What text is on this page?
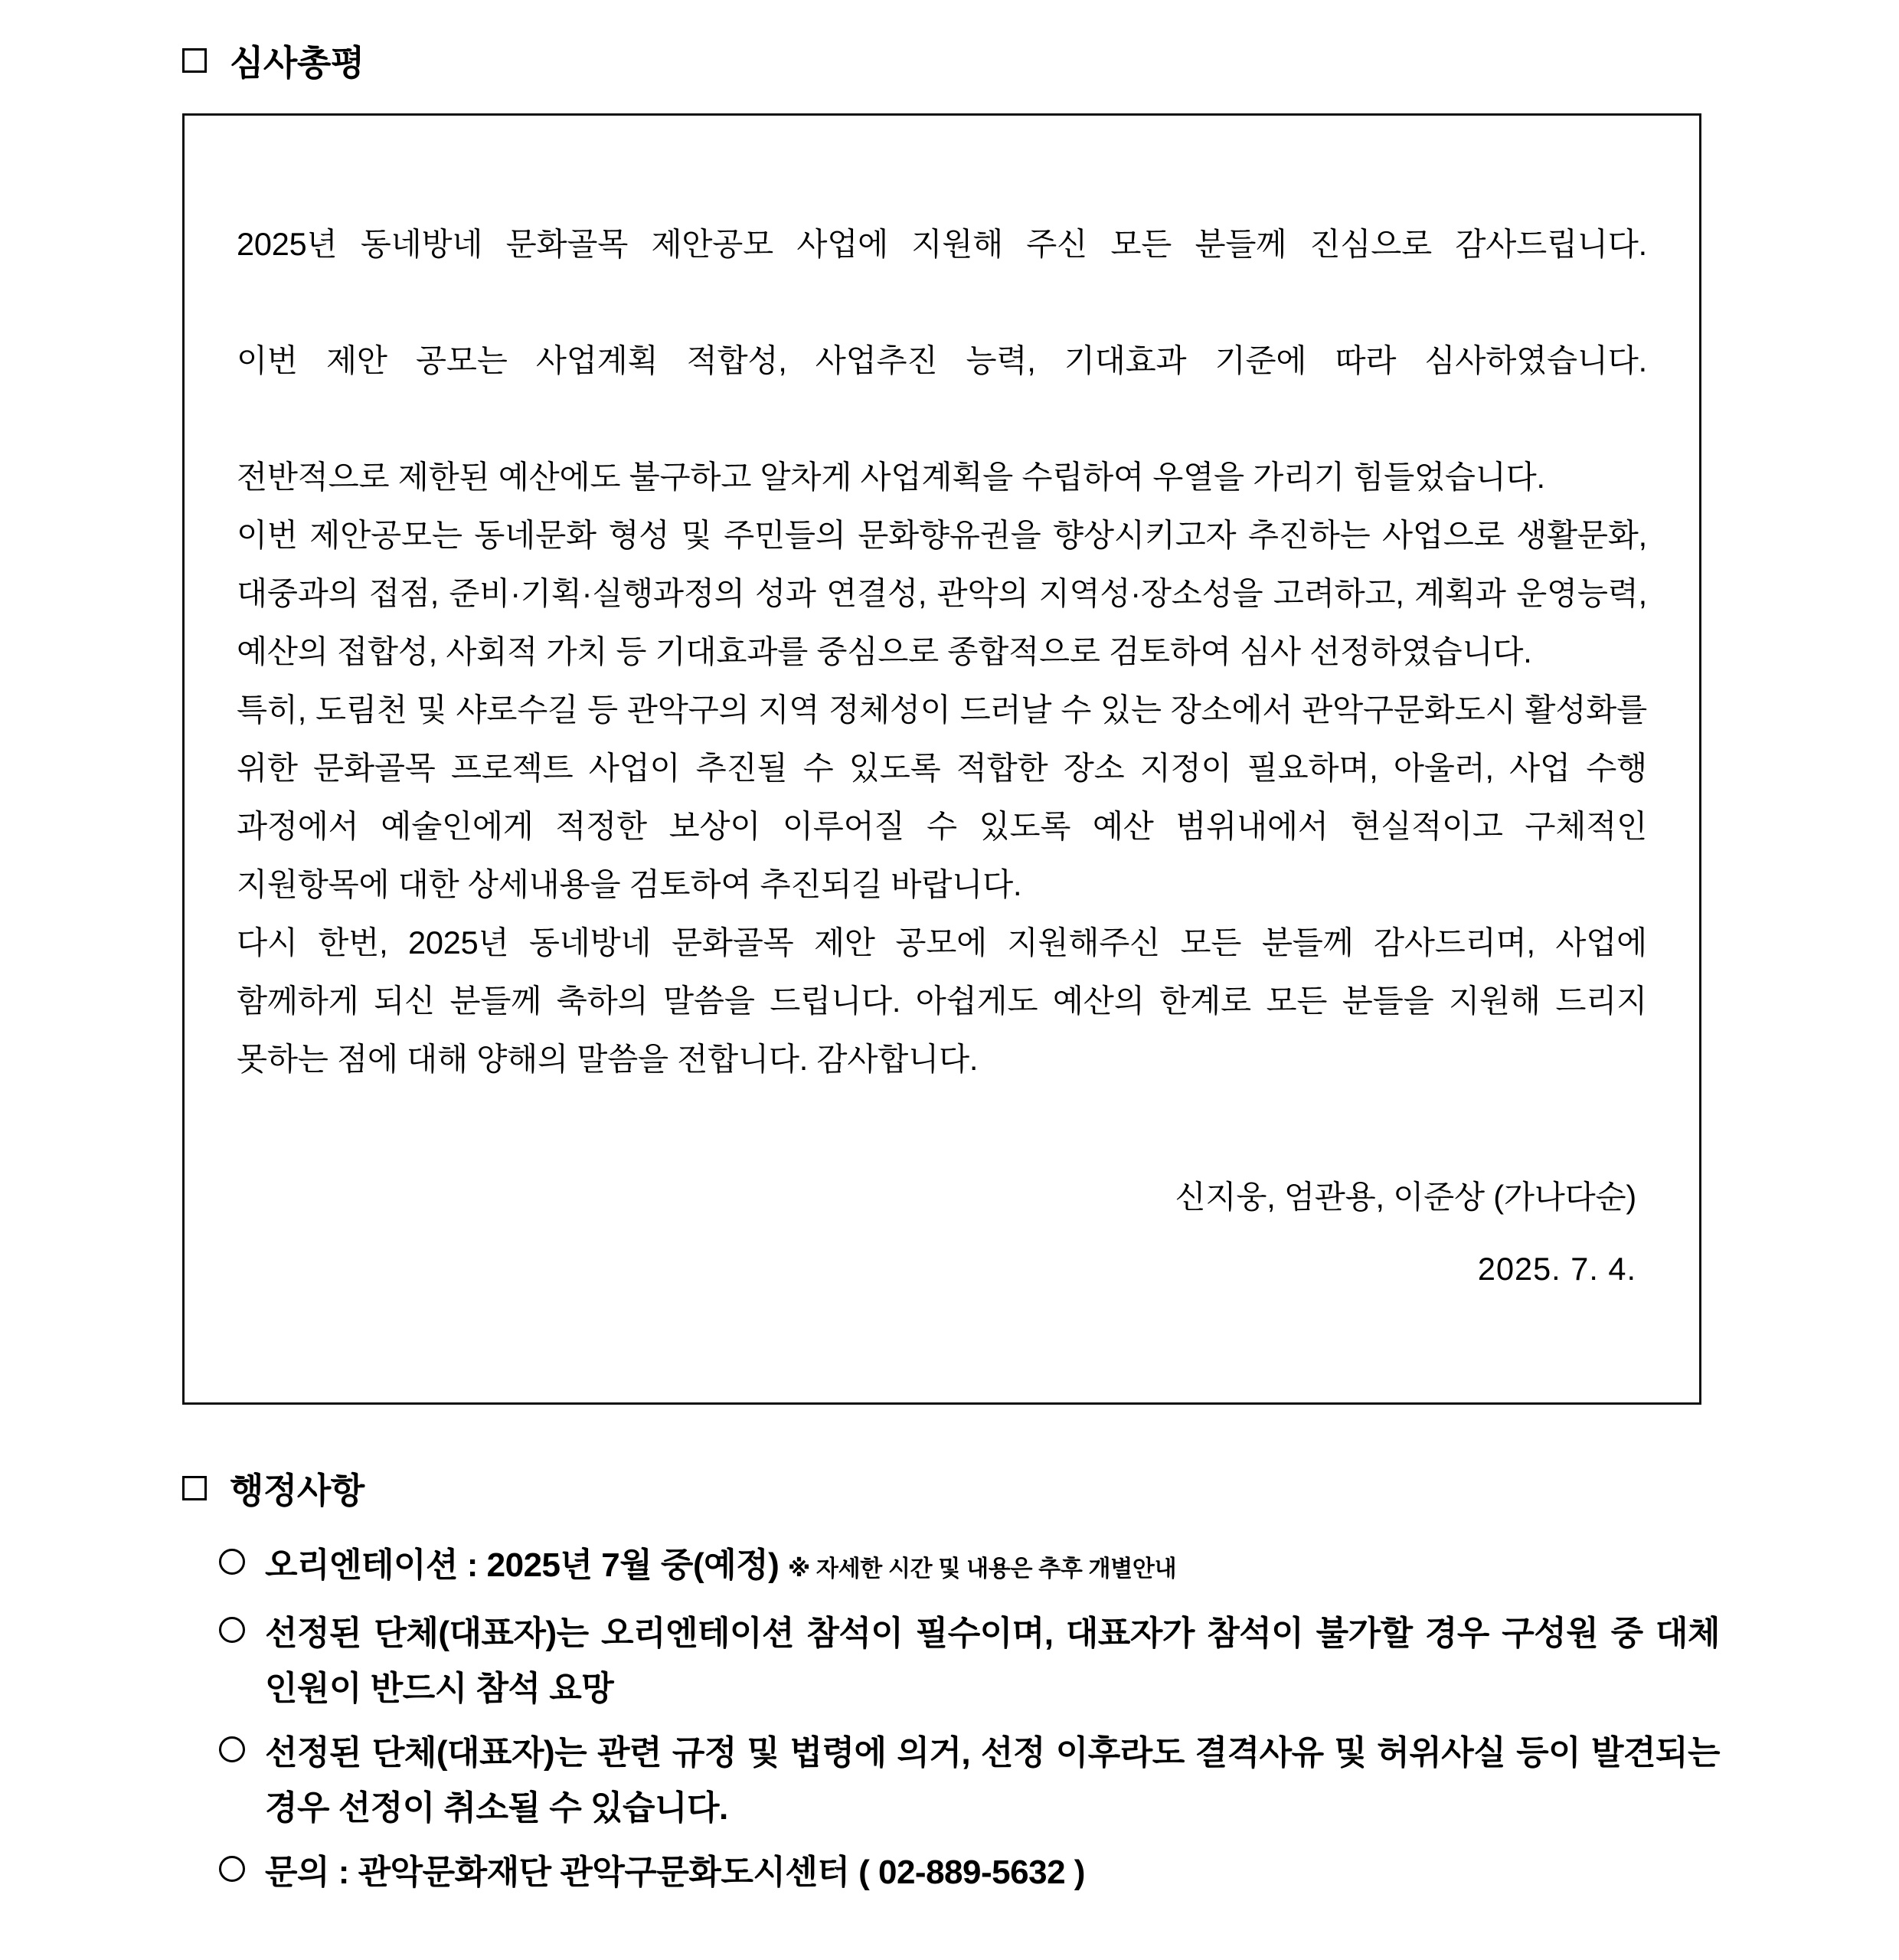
심사총평

2025년 동네방네 문화골목 제안공모 사업에 지원해 주신 모든 분들께 진심으로 감사드립니다.

이번 제안 공모는 사업계획 적합성, 사업추진 능력, 기대효과 기준에 따라 심사하였습니다.

전반적으로 제한된 예산에도 불구하고 알차게 사업계획을 수립하여 우열을 가리기 힘들었습니다.

이번 제안공모는 동네문화 형성 및 주민들의 문화향유권을 향상시키고자 추진하는 사업으로 생활문화, 대중과의 접점, 준비·기획·실행과정의 성과 연결성, 관악의 지역성·장소성을 고려하고, 계획과 운영능력, 예산의 접합성, 사회적 가치 등 기대효과를 중심으로 종합적으로 검토하여 심사 선정하였습니다.

특히, 도림천 및 샤로수길 등 관악구의 지역 정체성이 드러날 수 있는 장소에서 관악구문화도시 활성화를 위한 문화골목 프로젝트 사업이 추진될 수 있도록 적합한 장소 지정이 필요하며, 아울러, 사업 수행 과정에서 예술인에게 적정한 보상이 이루어질 수 있도록 예산 범위내에서 현실적이고 구체적인 지원항목에 대한 상세내용을 검토하여 추진되길 바랍니다.

다시 한번, 2025년 동네방네 문화골목 제안 공모에 지원해주신 모든 분들께 감사드리며, 사업에 함께하게 되신 분들께 축하의 말씀을 드립니다. 아쉽게도 예산의 한계로 모든 분들을 지원해 드리지 못하는 점에 대해 양해의 말씀을 전합니다. 감사합니다.

신지웅, 엄관용, 이준상 (가나다순)
2025. 7. 4.
행정사항
오리엔테이션 : 2025년 7월 중(예정) ※ 자세한 시간 및 내용은 추후 개별안내
선정된 단체(대표자)는 오리엔테이션 참석이 필수이며, 대표자가 참석이 불가할 경우 구성원 중 대체 인원이 반드시 참석 요망
선정된 단체(대표자)는 관련 규정 및 법령에 의거, 선정 이후라도 결격사유 및 허위사실 등이 발견되는 경우 선정이 취소될 수 있습니다.
문의 : 관악문화재단 관악구문화도시센터 ( 02-889-5632 )
